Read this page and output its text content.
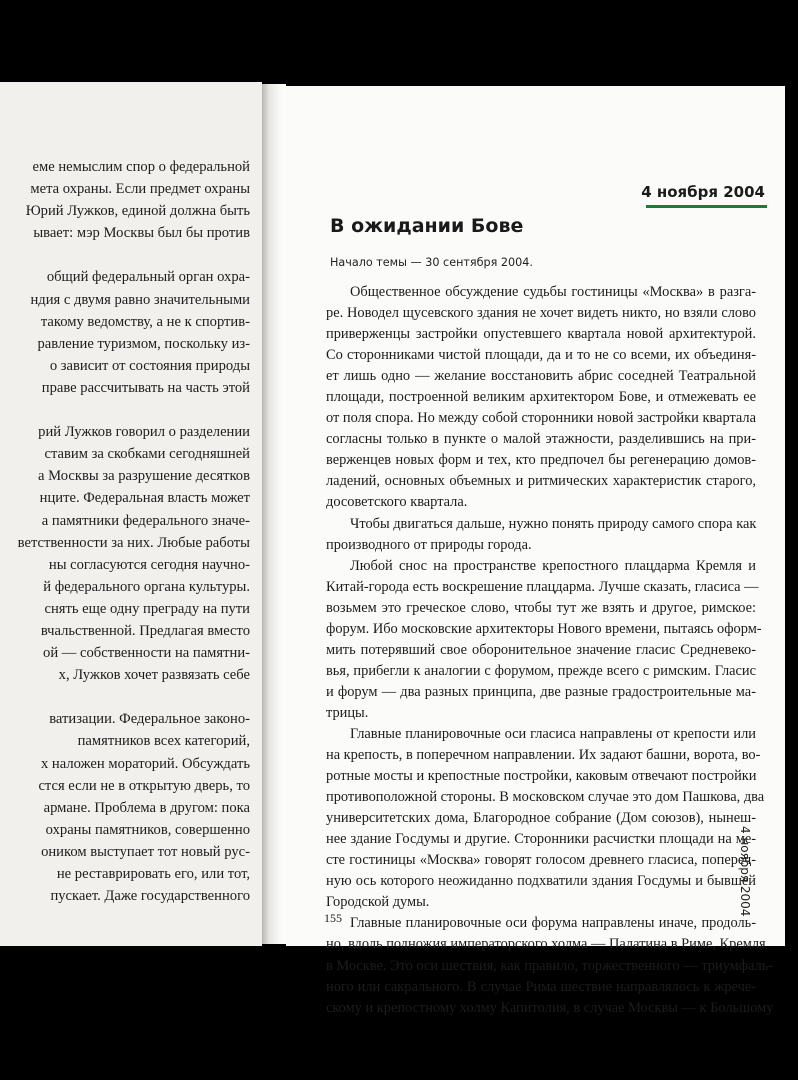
еме немыслим спор о федеральной
мета охраны. Если предмет охраны
Юрий Лужков, единой должна быть
ывает: мэр Москвы был бы против
общий федеральный орган охра-
ндия с двумя равно значительными
такому ведомству, а не к спортив-
равление туризмом, поскольку из-
о зависит от состояния природы
праве рассчитывать на часть этой
рий Лужков говорил о разделении
ставим за скобками сегодняшней
а Москвы за разрушение десятков
нците. Федеральная власть может
а памятники федерального значе-
ветственности за них. Любые работы
ны согласуются сегодня научно-
й федерального органа культуры.
снять еще одну преграду на пути
вчальственной. Предлагая вместо
ой — собственности на памятни-
х, Лужков хочет развязать себе
ватизации. Федеральное законо-
памятников всех категорий,
х наложен мораторий. Обсуждать
стся если не в открытую дверь, то
армане. Проблема в другом: пока
охраны памятников, совершенно
оником выступает тот новый рус-
не реставрировать его, или тот,
пускает. Даже государственного
4 ноября 2004
В ожидании Бове
Начало темы — 30 сентября 2004.
Общественное обсуждение судьбы гостиницы «Москва» в разга-
ре. Новодел щусевского здания не хочет видеть никто, но взяли слово
приверженцы застройки опустевшего квартала новой архитектурой.
Со сторонниками чистой площади, да и то не со всеми, их объединя-
ет лишь одно — желание восстановить абрис соседней Театральной
площади, построенной великим архитектором Бове, и отмежевать ее
от поля спора. Но между собой сторонники новой застройки квартала
согласны только в пункте о малой этажности, разделившись на при-
верженцев новых форм и тех, кто предпочел бы регенерацию домов-
ладений, основных объемных и ритмических характеристик старого,
досоветского квартала.
Чтобы двигаться дальше, нужно понять природу самого спора как
производного от природы города.
Любой снос на пространстве крепостного плацдарма Кремля и
Китай-города есть воскрешение плацдарма. Лучше сказать, гласиса —
возьмем это греческое слово, чтобы тут же взять и другое, римское:
форум. Ибо московские архитекторы Нового времени, пытаясь оформ-
мить потерявший свое оборонительное значение гласис Средневеко-
вья, прибегли к аналогии с форумом, прежде всего с римским. Гласис
и форум — два разных принципа, две разные градостроительные ма-
трицы.
Главные планировочные оси гласиса направлены от крепости или
на крепость, в поперечном направлении. Их задают башни, ворота, во-
ротные мосты и крепостные постройки, каковым отвечают постройки
противоположной стороны. В московском случае это дом Пашкова, два
университетских дома, Благородное собрание (Дом союзов), нынеш-
нее здание Госдумы и другие. Сторонники расчистки площади на ме-
сте гостиницы «Москва» говорят голосом древнего гласиса, попереч-
ную ось которого неожиданно подхватили здания Госдумы и бывшей
Городской думы.
Главные планировочные оси форума направлены иначе, продоль-
но, вдоль подножия императорского холма — Палатина в Риме, Кремля
в Москве. Это оси шествия, как правило, торжественного — триумфаль-
ного или сакрального. В случае Рима шествие направлялось к жрече-
скому и крепостному холму Капитолия, в случае Москвы — к Большому
155
4 ноября 2004
